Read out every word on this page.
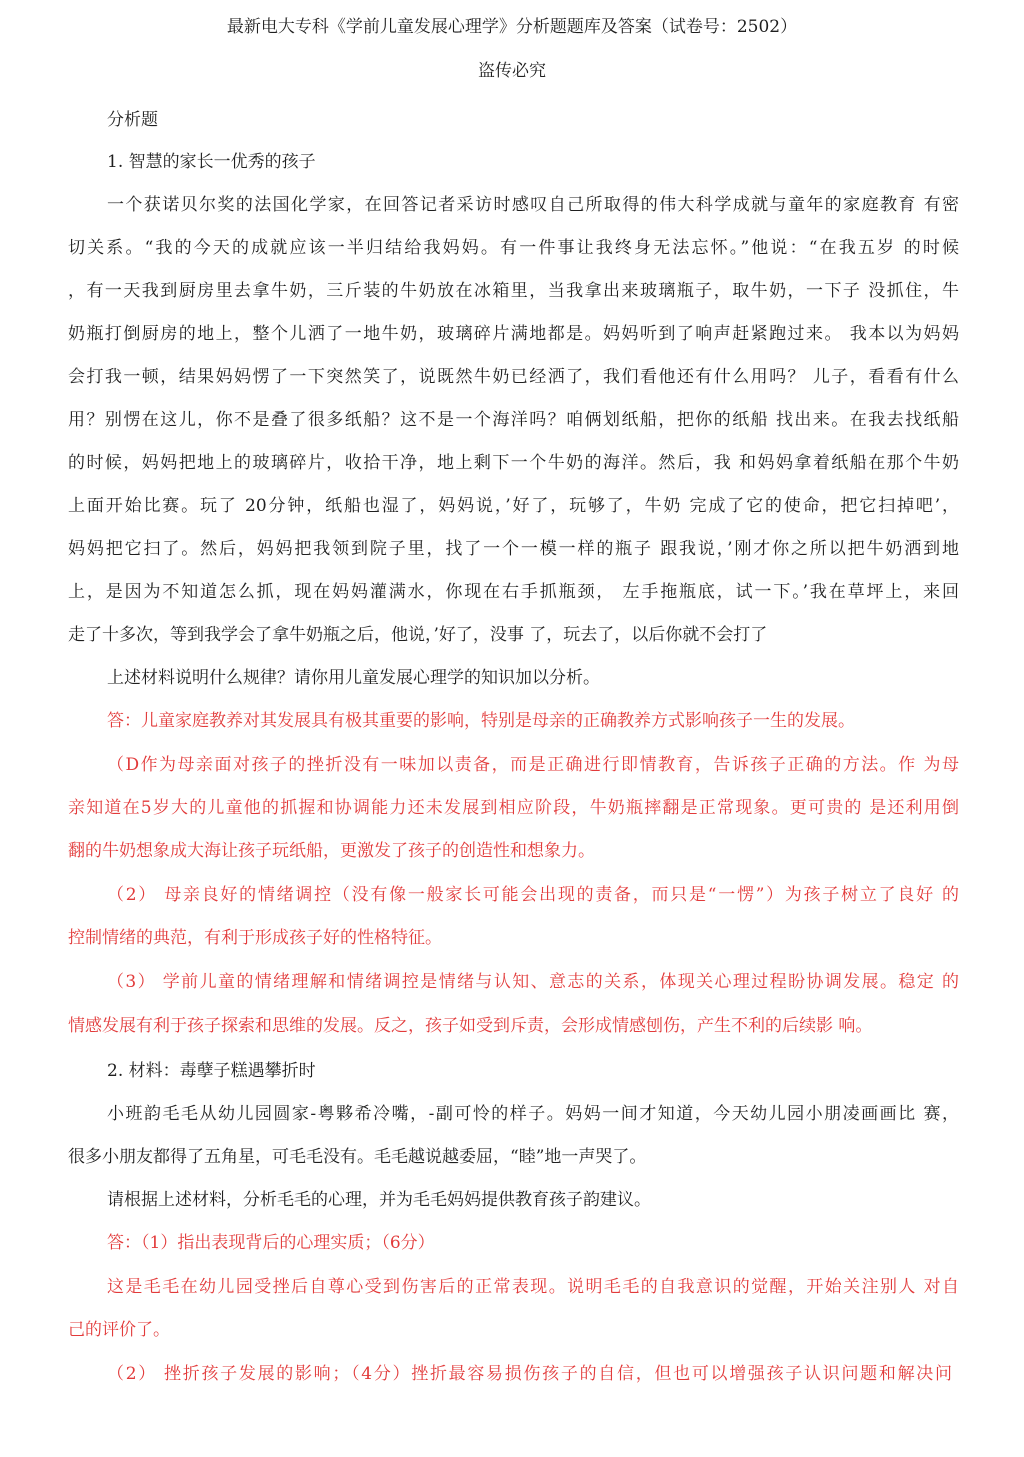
最新电大专科《学前儿童发展心理学》分析题题库及答案（试卷号：2502）
盗传必究
分析题
1. 智慧的家长一优秀的孩子
一个获诺贝尔奖的法国化学家，在回答记者采访时感叹自己所取得的伟大科学成就与童年的家庭教育 有密
切关系。“我的今天的成就应该一半归结给我妈妈。有一件事让我终身无法忘怀。”他说：“在我五岁 的时候
，有一天我到厨房里去拿牛奶，三斤装的牛奶放在冰箱里，当我拿出来玻璃瓶子，取牛奶，一下子 没抓住，牛
奶瓶打倒厨房的地上，整个儿洒了一地牛奶，玻璃碎片满地都是。妈妈听到了响声赶紧跑过来。 我本以为妈妈
会打我一顿，结果妈妈愣了一下突然笑了，说既然牛奶已经洒了，我们看他还有什么用吗？ 儿子，看看有什么
用？别愣在这儿，你不是叠了很多纸船？这不是一个海洋吗？咱俩划纸船，把你的纸船 找出来。在我去找纸船
的时候，妈妈把地上的玻璃碎片，收拾干净，地上剩下一个牛奶的海洋。然后，我 和妈妈拿着纸船在那个牛奶
上面开始比赛。玩了 20分钟，纸船也湿了，妈妈说，’好了，玩够了，牛奶 完成了它的使命，把它扫掉吧’，
妈妈把它扫了。然后，妈妈把我领到院子里，找了一个一模一样的瓶子 跟我说，’刚才你之所以把牛奶洒到地
上，是因为不知道怎么抓，现在妈妈灌满水，你现在右手抓瓶颈， 左手拖瓶底，试一下。’我在草坪上，来回
走了十多次，等到我学会了拿牛奶瓶之后，他说，’好了，没事 了，玩去了，以后你就不会打了
上述材料说明什么规律？请你用儿童发展心理学的知识加以分析。
答：儿童家庭教养对其发展具有极其重要的影响，特别是母亲的正确教养方式影响孩子一生的发展。
（D作为母亲面对孩子的挫折没有一味加以责备，而是正确进行即情教育，告诉孩子正确的方法。作 为母
亲知道在5岁大的儿童他的抓握和协调能力还未发展到相应阶段，牛奶瓶摔翻是正常现象。更可贵的 是还利用倒
翻的牛奶想象成大海让孩子玩纸船，更激发了孩子的创造性和想象力。
（2） 母亲良好的情绪调控（没有像一般家长可能会出现的责备，而只是“一愣”）为孩子树立了良好 的
控制情绪的典范，有利于形成孩子好的性格特征。
（3） 学前儿童的情绪理解和情绪调控是情绪与认知、意志的关系，体现关心理过程盼协调发展。稳定 的
情感发展有利于孩子探索和思维的发展。反之，孩子如受到斥责，会形成情感刨伤，产生不利的后续影 响。
2. 材料：毒孽子糕遇攀折时
小班韵毛毛从幼儿园圆家-粤夥希冷嘴，-副可怜的样子。妈妈一间才知道，今天幼儿园小朋凌画画比 赛，
很多小朋友都得了五角星，可毛毛没有。毛毛越说越委屈，“睦”地一声哭了。
请根据上述材料，分析毛毛的心理，并为毛毛妈妈提供教育孩子韵建议。
答：（1）指出表现背后的心理实质；（6分）
这是毛毛在幼儿园受挫后自尊心受到伤害后的正常表现。说明毛毛的自我意识的觉醒，开始关注别人 对自
己的评价了。
（2） 挫折孩子发展的影响；（4分）挫折最容易损伤孩子的自信，但也可以增强孩子认识问题和解决问
